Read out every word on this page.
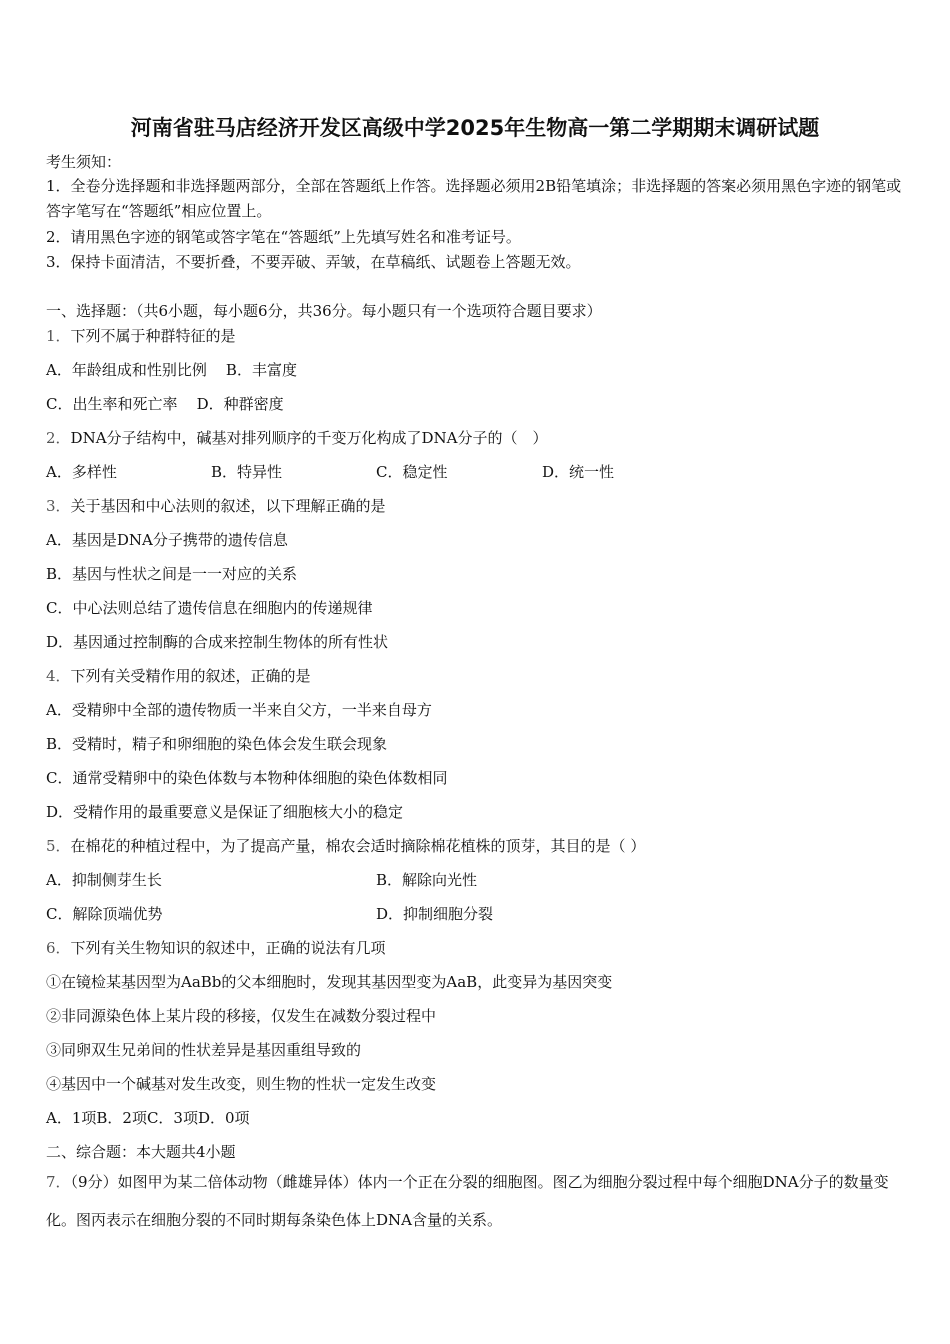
河南省驻马店经济开发区高级中学2025年生物高一第二学期期末调研试题
考生须知：
1．全卷分选择题和非选择题两部分，全部在答题纸上作答。选择题必须用2B铅笔填涂；非选择题的答案必须用黑色字迹的钢笔或答字笔写在“答题纸”相应位置上。
2．请用黑色字迹的钢笔或答字笔在“答题纸”上先填写姓名和准考证号。
3．保持卡面清洁，不要折叠，不要弄破、弄皱，在草稿纸、试题卷上答题无效。
一、选择题：（共6小题，每小题6分，共36分。每小题只有一个选项符合题目要求）
1．下列不属于种群特征的是
A．年龄组成和性别比例 B．丰富度
C．出生率和死亡率 D．种群密度
2．DNA分子结构中，碱基对排列顺序的千变万化构成了DNA分子的（　）
A．多样性	B．特异性	C．稳定性	D．统一性
3．关于基因和中心法则的叙述，以下理解正确的是
A．基因是DNA分子携带的遗传信息
B．基因与性状之间是一一对应的关系
C．中心法则总结了遗传信息在细胞内的传递规律
D．基因通过控制酶的合成来控制生物体的所有性状
4．下列有关受精作用的叙述，正确的是
A．受精卵中全部的遗传物质一半来自父方，一半来自母方
B．受精时，精子和卵细胞的染色体会发生联会现象
C．通常受精卵中的染色体数与本物种体细胞的染色体数相同
D．受精作用的最重要意义是保证了细胞核大小的稳定
5．在棉花的种植过程中，为了提高产量，棉农会适时摘除棉花植株的顶芽，其目的是（ ）
A．抑制侧芽生长	B．解除向光性
C．解除顶端优势	D．抑制细胞分裂
6．下列有关生物知识的叙述中，正确的说法有几项
①在镜检某基因型为AaBb的父本细胞时，发现其基因型变为AaB，此变异为基因突变
②非同源染色体上某片段的移接，仅发生在减数分裂过程中
③同卵双生兄弟间的性状差异是基因重组导致的
④基因中一个碱基对发生改变，则生物的性状一定发生改变
A．1项B．2项C．3项D．0项
二、综合题：本大题共4小题
7．（9分）如图甲为某二倍体动物（雌雄异体）体内一个正在分裂的细胞图。图乙为细胞分裂过程中每个细胞DNA分子的数量变化。图丙表示在细胞分裂的不同时期每条染色体上DNA含量的关系。
